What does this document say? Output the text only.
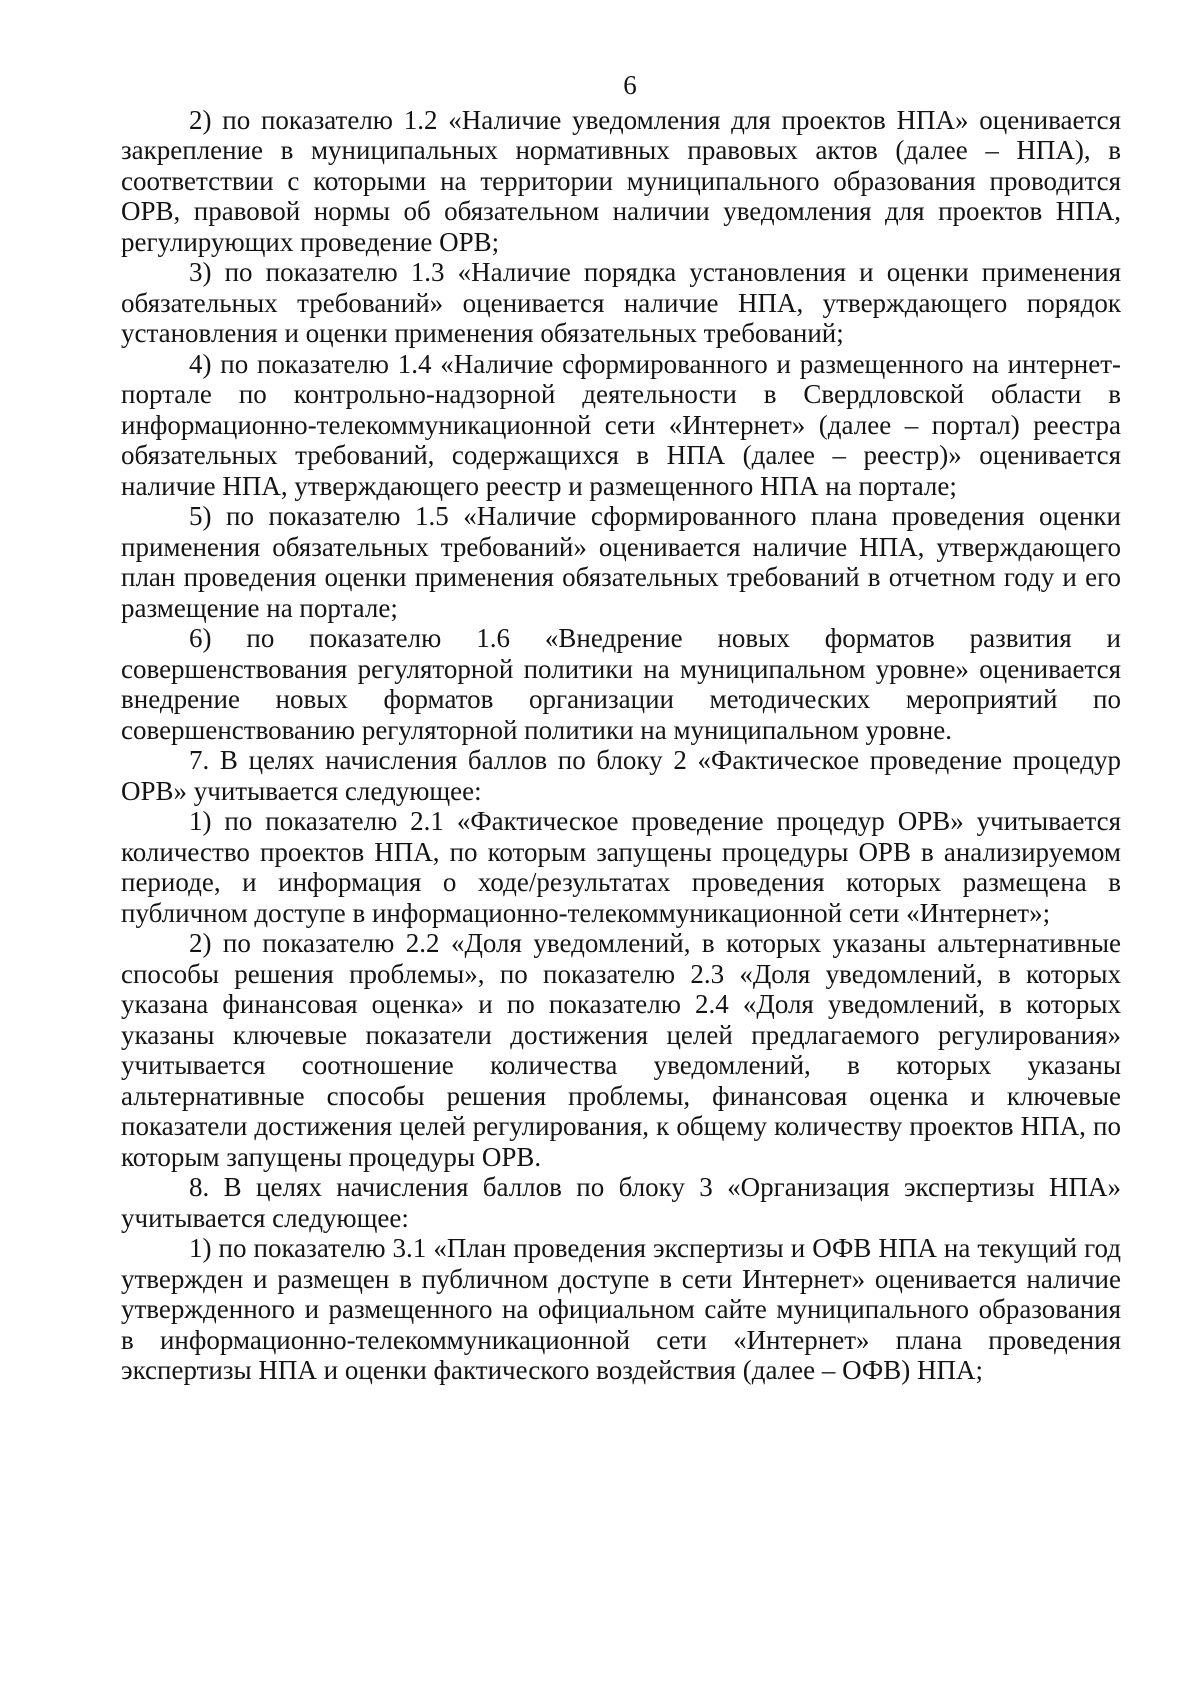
6

2) по показателю 1.2 «Наличие уведомления для проектов НПА» оценивается закрепление в муниципальных нормативных правовых актов (далее – НПА), в соответствии с которыми на территории муниципального образования проводится ОРВ, правовой нормы об обязательном наличии уведомления для проектов НПА, регулирующих проведение ОРВ;

3) по показателю 1.3 «Наличие порядка установления и оценки применения обязательных требований» оценивается наличие НПА, утверждающего порядок установления и оценки применения обязательных требований;

4) по показателю 1.4 «Наличие сформированного и размещенного на интернет-портале по контрольно-надзорной деятельности в Свердловской области в информационно-телекоммуникационной сети «Интернет» (далее – портал) реестра обязательных требований, содержащихся в НПА (далее – реестр)» оценивается наличие НПА, утверждающего реестр и размещенного НПА на портале;

5) по показателю 1.5 «Наличие сформированного плана проведения оценки применения обязательных требований» оценивается наличие НПА, утверждающего план проведения оценки применения обязательных требований в отчетном году и его размещение на портале;

6) по показателю 1.6 «Внедрение новых форматов развития и совершенствования регуляторной политики на муниципальном уровне» оценивается внедрение новых форматов организации методических мероприятий по совершенствованию регуляторной политики на муниципальном уровне.

7. В целях начисления баллов по блоку 2 «Фактическое проведение процедур ОРВ» учитывается следующее:

1) по показателю 2.1 «Фактическое проведение процедур ОРВ» учитывается количество проектов НПА, по которым запущены процедуры ОРВ в анализируемом периоде, и информация о ходе/результатах проведения которых размещена в публичном доступе в информационно-телекоммуникационной сети «Интернет»;

2) по показателю 2.2 «Доля уведомлений, в которых указаны альтернативные способы решения проблемы», по показателю 2.3 «Доля уведомлений, в которых указана финансовая оценка» и по показателю 2.4 «Доля уведомлений, в которых указаны ключевые показатели достижения целей предлагаемого регулирования» учитывается соотношение количества уведомлений, в которых указаны альтернативные способы решения проблемы, финансовая оценка и ключевые показатели достижения целей регулирования, к общему количеству проектов НПА, по которым запущены процедуры ОРВ.

8. В целях начисления баллов по блоку 3 «Организация экспертизы НПА» учитывается следующее:

1) по показателю 3.1 «План проведения экспертизы и ОФВ НПА на текущий год утвержден и размещен в публичном доступе в сети Интернет» оценивается наличие утвержденного и размещенного на официальном сайте муниципального образования в информационно-телекоммуникационной сети «Интернет» плана проведения экспертизы НПА и оценки фактического воздействия (далее – ОФВ) НПА;
